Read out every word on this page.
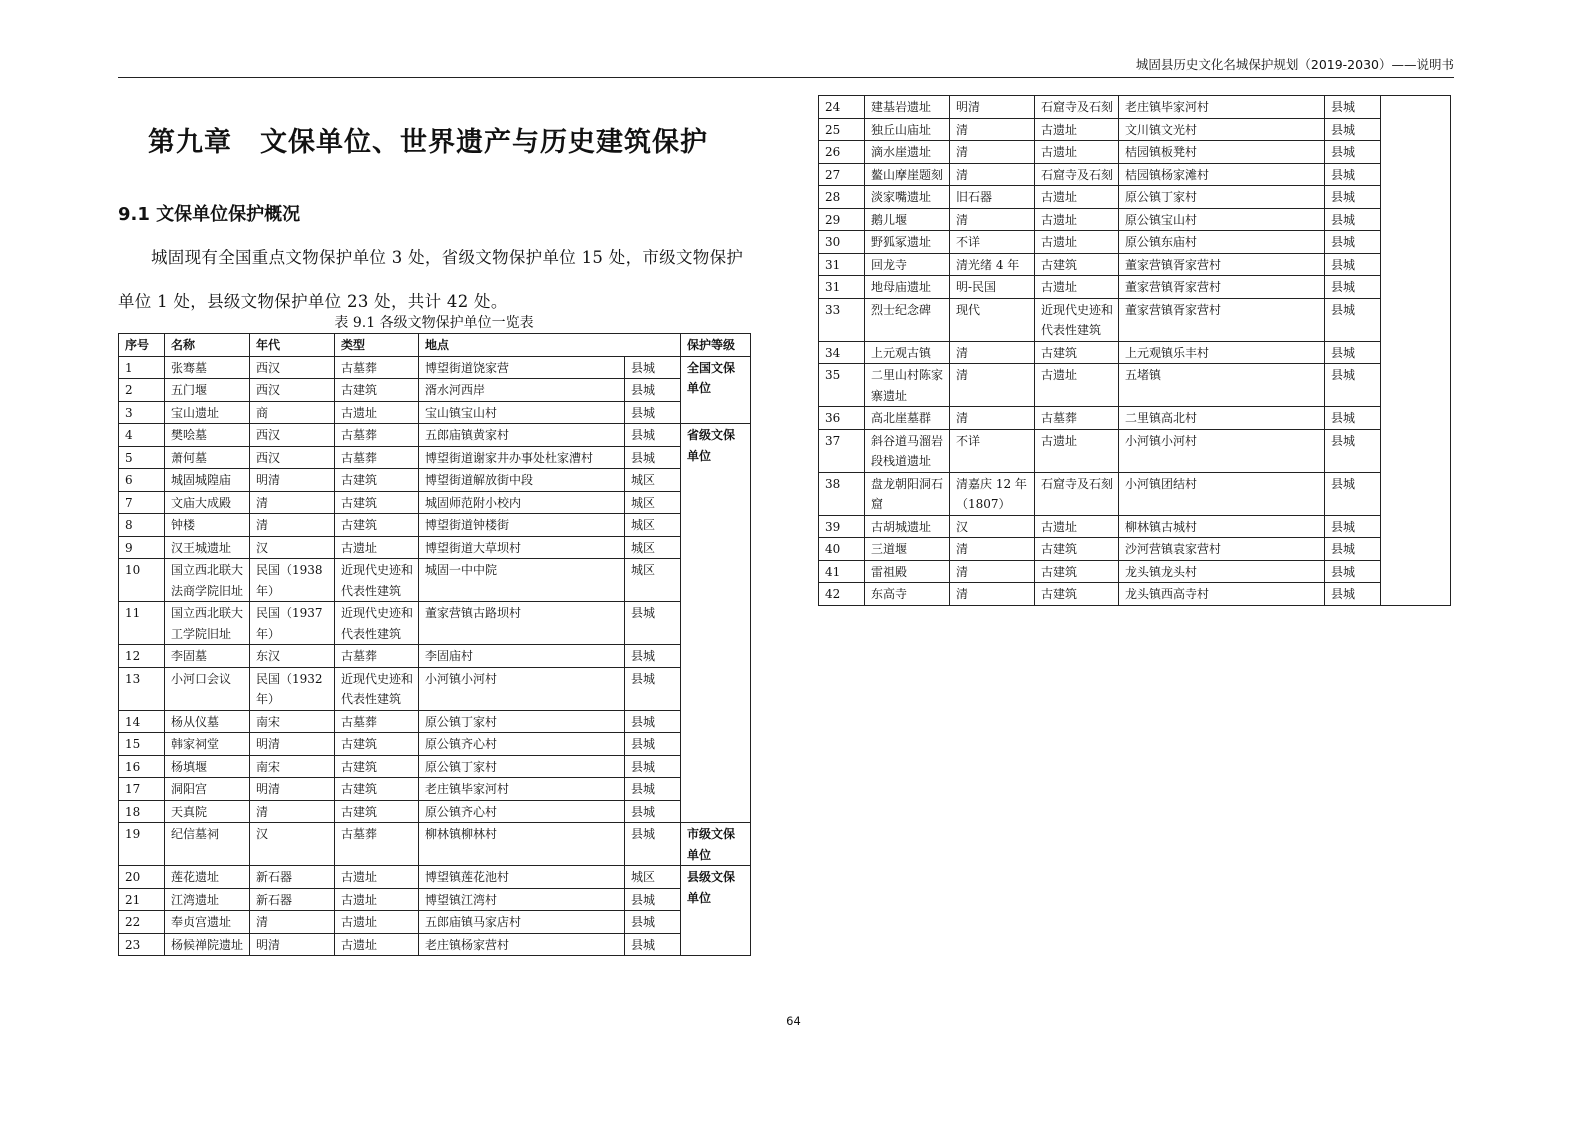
城固县历史文化名城保护规划（2019-2030）——说明书
第九章　文保单位、世界遗产与历史建筑保护
9.1 文保单位保护概况
城固现有全国重点文物保护单位 3 处，省级文物保护单位 15 处，市级文物保护单位 1 处，县级文物保护单位 23 处，共计 42 处。
表 9.1 各级文物保护单位一览表
序号	名称	年代	类型	地点		保护等级
1	张骞墓	西汉	古墓葬	博望街道饶家营	县城	全国文保单位
2	五门堰	西汉	古建筑	湑水河西岸	县城	
3	宝山遗址	商	古遗址	宝山镇宝山村	县城	
4	樊哙墓	西汉	古墓葬	五郎庙镇黄家村	县城	省级文保单位
5	萧何墓	西汉	古墓葬	博望街道谢家井办事处杜家漕村	县城	
6	城固城隍庙	明清	古建筑	博望街道解放街中段	城区	
7	文庙大成殿	清	古建筑	城固师范附小校内	城区	
8	钟楼	清	古建筑	博望街道钟楼街	城区	
9	汉王城遗址	汉	古遗址	博望街道大草坝村	城区	
10	国立西北联大法商学院旧址	民国（1938年）	近现代史迹和代表性建筑	城固一中中院	城区	
11	国立西北联大工学院旧址	民国（1937年）	近现代史迹和代表性建筑	董家营镇古路坝村	县城	
12	李固墓	东汉	古墓葬	李固庙村	县城	
13	小河口会议	民国（1932年）	近现代史迹和代表性建筑	小河镇小河村	县城	
14	杨从仪墓	南宋	古墓葬	原公镇丁家村	县城	
15	韩家祠堂	明清	古建筑	原公镇齐心村	县城	
16	杨填堰	南宋	古建筑	原公镇丁家村	县城	
17	洞阳宫	明清	古建筑	老庄镇毕家河村	县城	
18	天真院	清	古建筑	原公镇齐心村	县城	
19	纪信墓祠	汉	古墓葬	柳林镇柳林村	县城	市级文保单位
20	莲花遗址	新石器	古遗址	博望镇莲花池村	城区	县级文保单位
21	江湾遗址	新石器	古遗址	博望镇江湾村	县城	
22	奉贞宫遗址	清	古遗址	五郎庙镇马家店村	县城	
23	杨候禅院遗址	明清	古遗址	老庄镇杨家营村	县城	
24	建基岩遗址	明清	石窟寺及石刻	老庄镇毕家河村	县城	
25	独丘山庙址	清	古遗址	文川镇文光村	县城	
26	滴水崖遗址	清	古遗址	桔园镇板凳村	县城	
27	鳌山摩崖题刻	清	石窟寺及石刻	桔园镇杨家滩村	县城	
28	淡家嘴遗址	旧石器	古遗址	原公镇丁家村	县城	
29	鹅儿堰	清	古遗址	原公镇宝山村	县城	
30	野狐冢遗址	不详	古遗址	原公镇东庙村	县城	
31	回龙寺	清光绪 4 年	古建筑	董家营镇胥家营村	县城	
31	地母庙遗址	明-民国	古遗址	董家营镇胥家营村	县城	
33	烈士纪念碑	现代	近现代史迹和代表性建筑	董家营镇胥家营村	县城	
34	上元观古镇	清	古建筑	上元观镇乐丰村	县城	
35	二里山村陈家寨遗址	清	古遗址	五堵镇	县城	
36	高北崖墓群	清	古墓葬	二里镇高北村	县城	
37	斜谷道马溜岩段栈道遗址	不详	古遗址	小河镇小河村	县城	
38	盘龙朝阳洞石窟	清嘉庆 12 年（1807）	石窟寺及石刻	小河镇团结村	县城	
39	古胡城遗址	汉	古遗址	柳林镇古城村	县城	
40	三道堰	清	古建筑	沙河营镇袁家营村	县城	
41	雷祖殿	清	古建筑	龙头镇龙头村	县城	
42	东高寺	清	古建筑	龙头镇西高寺村	县城	
64
